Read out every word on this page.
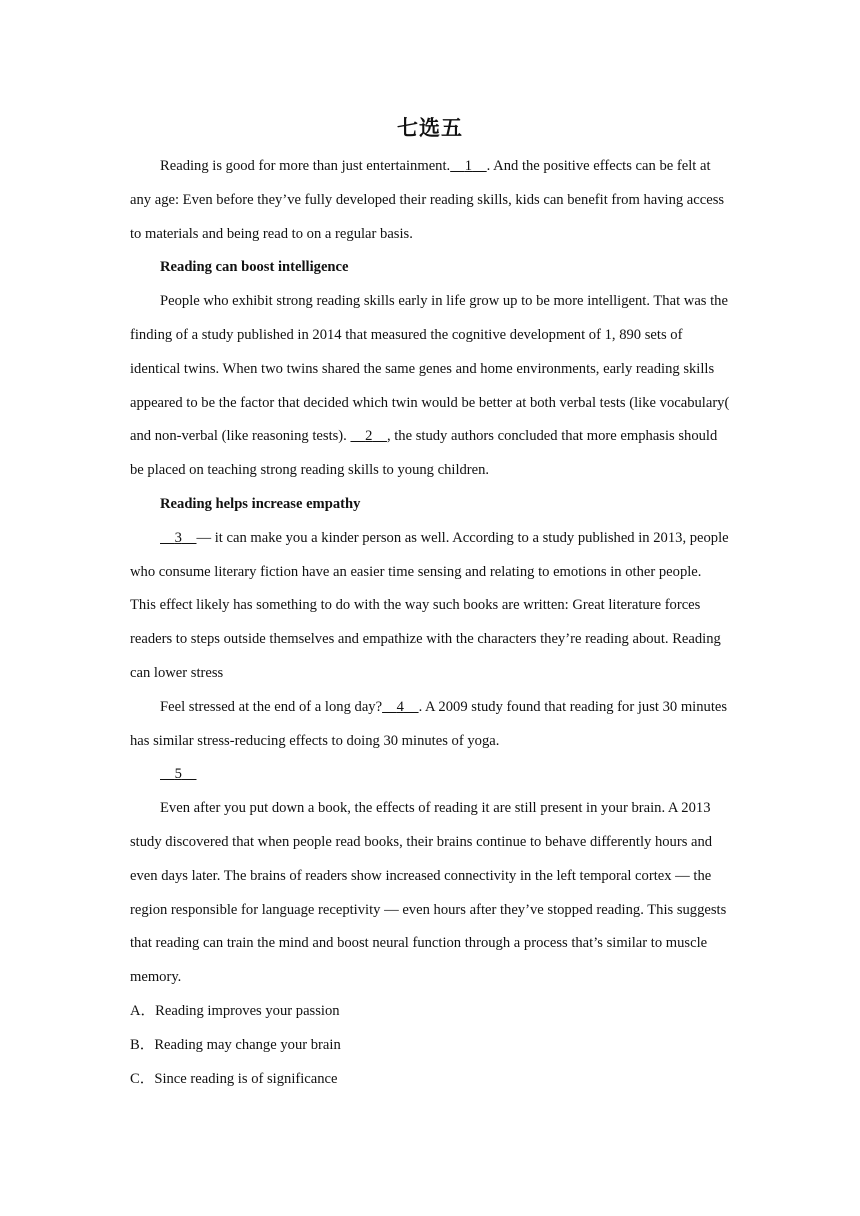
七选五

Reading is good for more than just entertainment. 1 . And the positive effects can be felt at any age: Even before they’ve fully developed their reading skills, kids can benefit from having access to materials and being read to on a regular basis.

Reading can boost intelligence

People who exhibit strong reading skills early in life grow up to be more intelligent. That was the finding of a study published in 2014 that measured the cognitive development of 1, 890 sets of identical twins. When two twins shared the same genes and home environments, early reading skills appeared to be the factor that decided which twin would be better at both verbal tests (like vocabulary( and non-verbal (like reasoning tests).     2 , the study authors concluded that more emphasis should be placed on teaching strong reading skills to young children.

Reading helps increase empathy

3 — it can make you a kinder person as well. According to a study published in 2013, people who consume literary fiction have an easier time sensing and relating to emotions in other people. This effect likely has something to do with the way such books are written: Great literature forces readers to steps outside themselves and empathize with the characters they’re reading about. Reading can lower stress

Feel stressed at the end of a long day? 4 . A 2009 study found that reading for just 30 minutes has similar stress-reducing effects to doing 30 minutes of yoga.

5

Even after you put down a book, the effects of reading it are still present in your brain. A 2013 study discovered that when people read books, their brains continue to behave differently hours and even days later. The brains of readers show increased connectivity in the left temporal cortex — the region responsible for language receptivity — even hours after they’ve stopped reading. This suggests that reading can train the mind and boost neural function through a process that’s similar to muscle memory.

A．Reading improves your passion

B．Reading may change your brain

C．Since reading is of significance
